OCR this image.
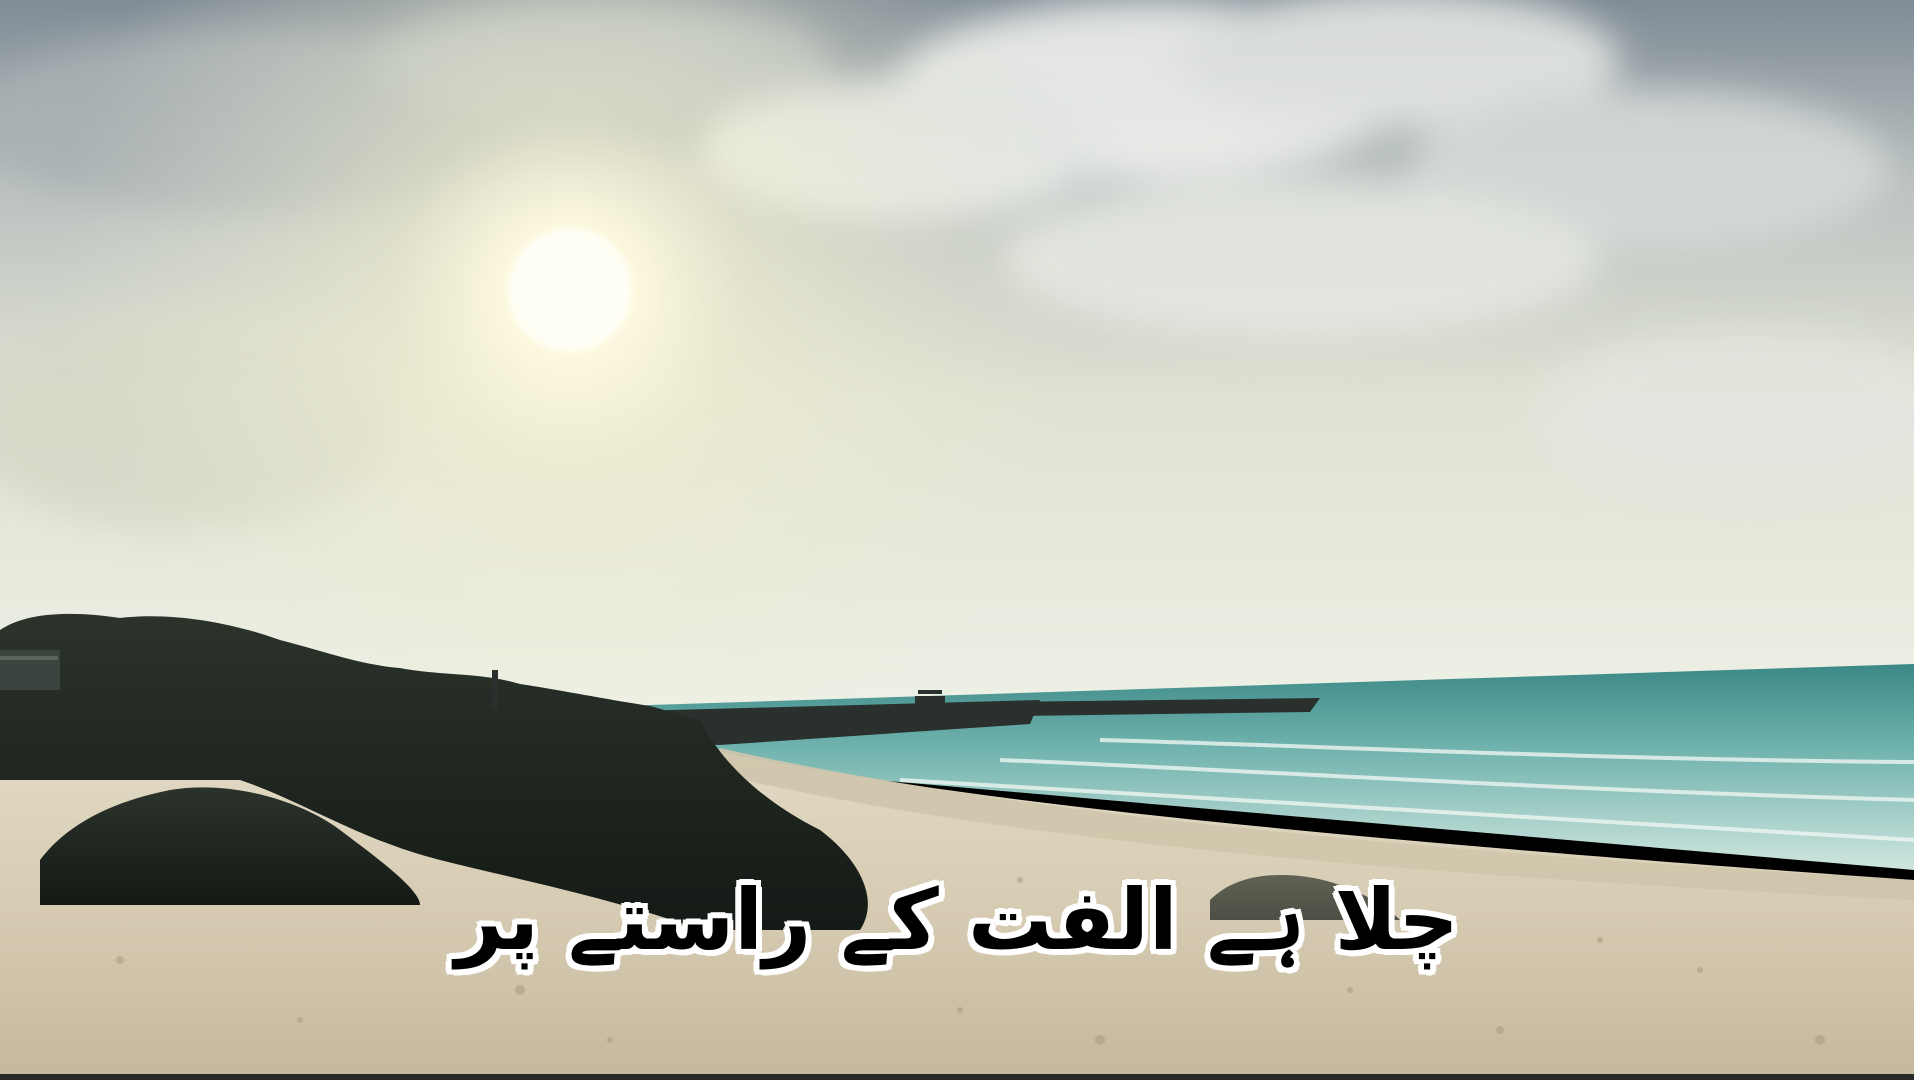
چلا ہے الفت کے راستے پر
